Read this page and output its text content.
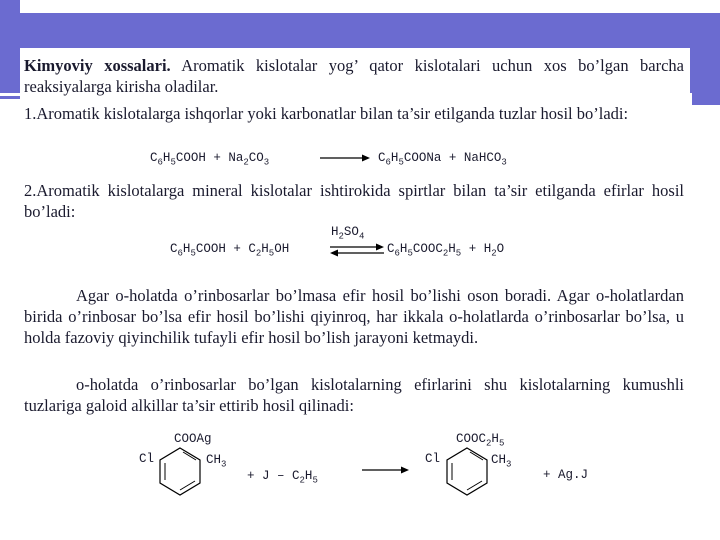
Kimyoviy xossalari. Aromatik kislotalar yog’ qator kislotalari uchun xos bo’lgan barcha reaksiyalarga kirisha oladilar.

1.Aromatik kislotalarga ishqorlar yoki karbonatlar bilan ta’sir etilganda tuzlar hosil bo’ladi:

$C_6H_5COOH + Na_2CO_3$	$C_6H_5COONa$ + NaHCO$_3$

2.Aromatik kislotalarga mineral kislotalar ishtirokida spirtlar bilan ta’sir etilganda efirlar hosil bo’ladi:

$H_2SO_4$
$C_6H_5COOH + C_2H_5OH$	$C_6H_5COOC_2H_5 + H_2O$

Agar o-holatda o’rinbosarlar bo’lmasa efir hosil bo’lishi oson boradi. Agar o-holatlardan birida o’rinbosar bo’lsa efir hosil bo’lishi qiyinroq, har ikkala o-holatlarda o’rinbosarlar bo’lsa, u holda fazoviy qiyinchilik tufayli efir hosil bo’lish jarayoni ketmaydi.

o-holatda o’rinbosarlar bo’lgan kislotalarning efirlarini shu kislotalarning kumushli tuzlariga galoid alkillar ta’sir ettirib hosil qilinadi:

COOAg
Cl	$CH_3$
+ J – $C_2H_5$
$COOC_2H_5$
Cl	$CH_3$
+ Ag.J
